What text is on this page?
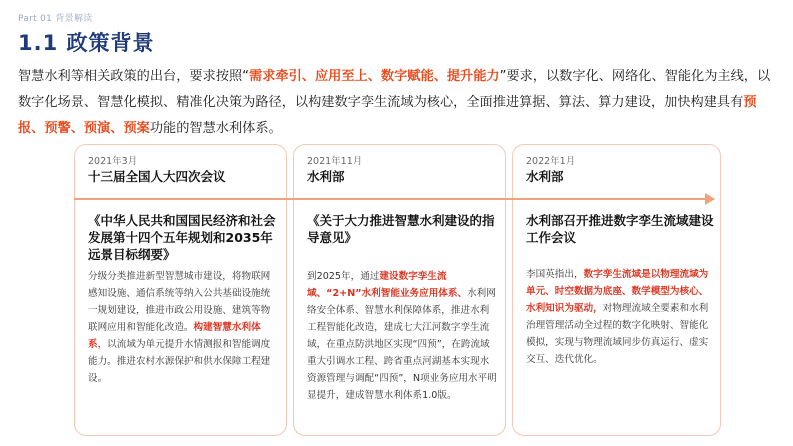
Part 01 背景解读
1.1 政策背景
智慧水利等相关政策的出台，要求按照“需求牵引、应用至上、数字赋能、提升能力”要求，以数字化、网络化、智能化为主线，以数字化场景、智慧化模拟、精准化决策为路径，以构建数字孪生流域为核心，全面推进算据、算法、算力建设，加快构建具有预报、预警、预演、预案功能的智慧水利体系。
2021年3月
十三届全国人大四次会议
《中华人民共和国国民经济和社会发展第十四个五年规划和2035年远景目标纲要》
分级分类推进新型智慧城市建设，将物联网感知设施、通信系统等纳入公共基础设施统一规划建设，推进市政公用设施、建筑等物联网应用和智能化改造。构建智慧水利体系，以流域为单元提升水情测报和智能调度能力。推进农村水源保护和供水保障工程建设。
2021年11月
水利部
《关于大力推进智慧水利建设的指导意见》
到2025年，通过建设数字孪生流域、“2+N”水利智能业务应用体系、水利网络安全体系、智慧水利保障体系，推进水利工程智能化改造，建成七大江河数字孪生流域，在重点防洪地区实现“四预”，在跨流域重大引调水工程、跨省重点河湖基本实现水资源管理与调配“四预”，N项业务应用水平明显提升，建成智慧水利体系1.0版。
2022年1月
水利部
水利部召开推进数字孪生流域建设工作会议
李国英指出，数字孪生流域是以物理流域为单元、时空数据为底座、数学模型为核心、水利知识为驱动，对物理流域全要素和水利治理管理活动全过程的数字化映射、智能化模拟，实现与物理流域同步仿真运行、虚实交互、迭代优化。
